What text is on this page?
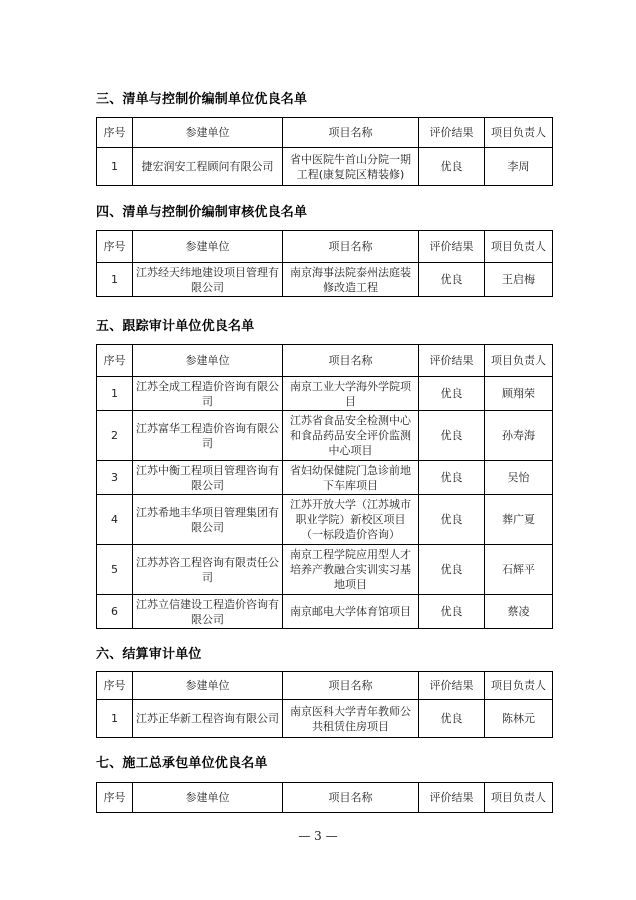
三、清单与控制价编制单位优良名单
序号	参建单位	项目名称	评价结果	项目负责人
1	捷宏润安工程顾问有限公司	省中医院牛首山分院一期工程(康复院区精装修)	优良	李周
四、清单与控制价编制审核优良名单
序号	参建单位	项目名称	评价结果	项目负责人
1	江苏经天纬地建设项目管理有限公司	南京海事法院泰州法庭装修改造工程	优良	王启梅
五、跟踪审计单位优良名单
序号	参建单位	项目名称	评价结果	项目负责人
1	江苏全成工程造价咨询有限公司	南京工业大学海外学院项目	优良	顾翔荣
2	江苏富华工程造价咨询有限公司	江苏省食品安全检测中心和食品药品安全评价监测中心项目	优良	孙寿海
3	江苏中衡工程项目管理咨询有限公司	省妇幼保健院门急诊前地下车库项目	优良	吴怡
4	江苏希地丰华项目管理集团有限公司	江苏开放大学（江苏城市职业学院）新校区项目（一标段造价咨询）	优良	葬广夏
5	江苏苏咨工程咨询有限责任公司	南京工程学院应用型人才培养产教融合实训实习基地项目	优良	石辉平
6	江苏立信建设工程造价咨询有限公司	南京邮电大学体育馆项目	优良	蔡凌
六、结算审计单位
序号	参建单位	项目名称	评价结果	项目负责人
1	江苏正华新工程咨询有限公司	南京医科大学青年教师公共租赁住房项目	优良	陈林元
七、施工总承包单位优良名单
序号	参建单位	项目名称	评价结果	项目负责人
— 3 —
